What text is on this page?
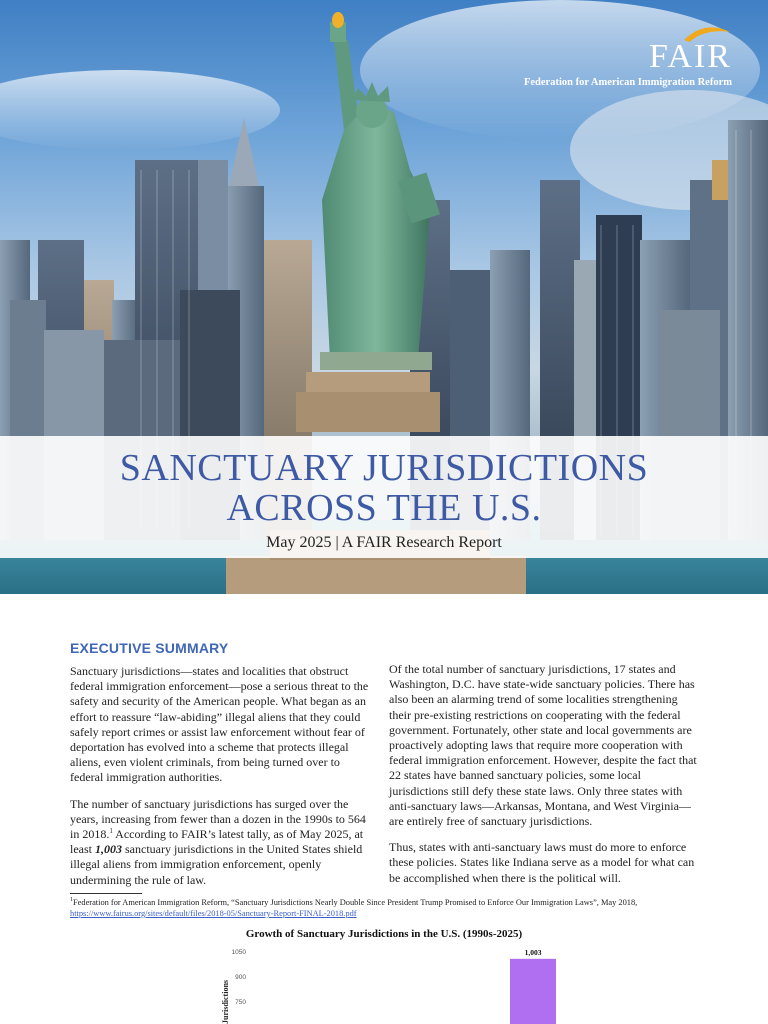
FAIR
Federation for American Immigration Reform
SANCTUARY JURISDICTIONS
ACROSS THE U.S.
May 2025 | A FAIR Research Report
EXECUTIVE SUMMARY

Sanctuary jurisdictions—states and localities that obstruct federal immigration enforcement—pose a serious threat to the safety and security of the American people. What began as an effort to reassure “law-abiding” illegal aliens that they could safely report crimes or assist law enforcement without fear of deportation has evolved into a scheme that protects illegal aliens, even violent criminals, from being turned over to federal immigration authorities.

The number of sanctuary jurisdictions has surged over the years, increasing from fewer than a dozen in the 1990s to 564 in 2018.$^1$ According to FAIR’s latest tally, as of May 2025, at least 1,003 sanctuary jurisdictions in the United States shield illegal aliens from immigration enforcement, openly undermining the rule of law.

Of the total number of sanctuary jurisdictions, 17 states and Washington, D.C. have state-wide sanctuary policies. There has also been an alarming trend of some localities strengthening their pre-existing restrictions on cooperating with the federal government. Fortunately, other state and local governments are proactively adopting laws that require more cooperation with federal immigration enforcement. However, despite the fact that 22 states have banned sanctuary policies, some local jurisdictions still defy these state laws. Only three states with anti-sanctuary laws—Arkansas, Montana, and West Virginia—are entirely free of sanctuary jurisdictions.

Thus, states with anti-sanctuary laws must do more to enforce these policies. States like Indiana serve as a model for what can be accomplished when there is the political will.

$^1$Federation for American Immigration Reform, “Sanctuary Jurisdictions Nearly Double Since President Trump Promised to Enforce Our Immigration Laws”, May 2018, https://www.fairus.org/sites/default/files/2018-05/Sanctuary-Report-FINAL-2018.pdf
Growth of Sanctuary Jurisdictions in the U.S. (1990s-2025)
750
900
1050
Jurisdictions
1,003
